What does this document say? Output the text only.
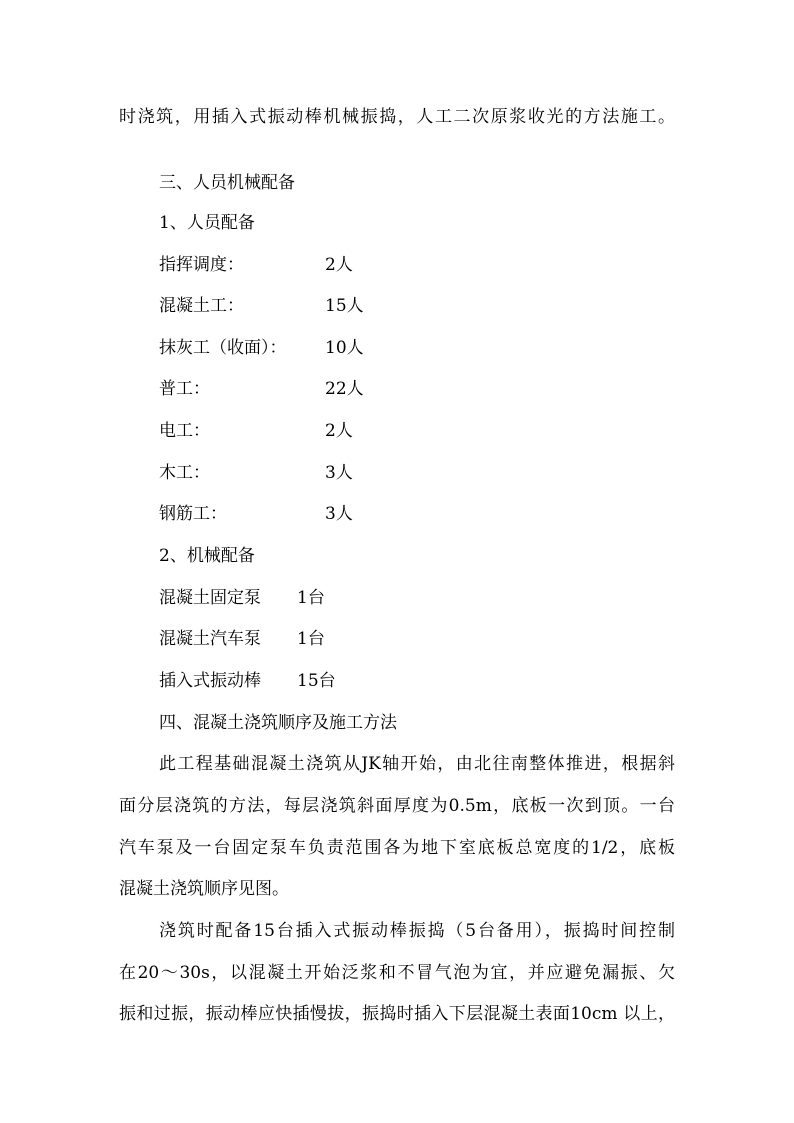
时浇筑，用插入式振动棒机械振捣，人工二次原浆收光的方法施工。
三、人员机械配备
1、人员配备
指挥调度：	2人
混凝土工：	15人
抹灰工（收面）： 10人
普工：	22人
电工：	2人
木工：	3人
钢筋工：	3人
2、机械配备
混凝土固定泵 1台
混凝土汽车泵 1台
插入式振动棒 15台
四、混凝土浇筑顺序及施工方法
此工程基础混凝土浇筑从JK轴开始，由北往南整体推进，根据斜
面分层浇筑的方法，每层浇筑斜面厚度为0.5m，底板一次到顶。一台
汽车泵及一台固定泵车负责范围各为地下室底板总宽度的1/2，底板
混凝土浇筑顺序见图。
浇筑时配备15台插入式振动棒振捣（5台备用），振捣时间控制
在20～30s，以混凝土开始泛浆和不冒气泡为宜，并应避免漏振、欠
振和过振，振动棒应快插慢拔，振捣时插入下层混凝土表面10cm 以上，
